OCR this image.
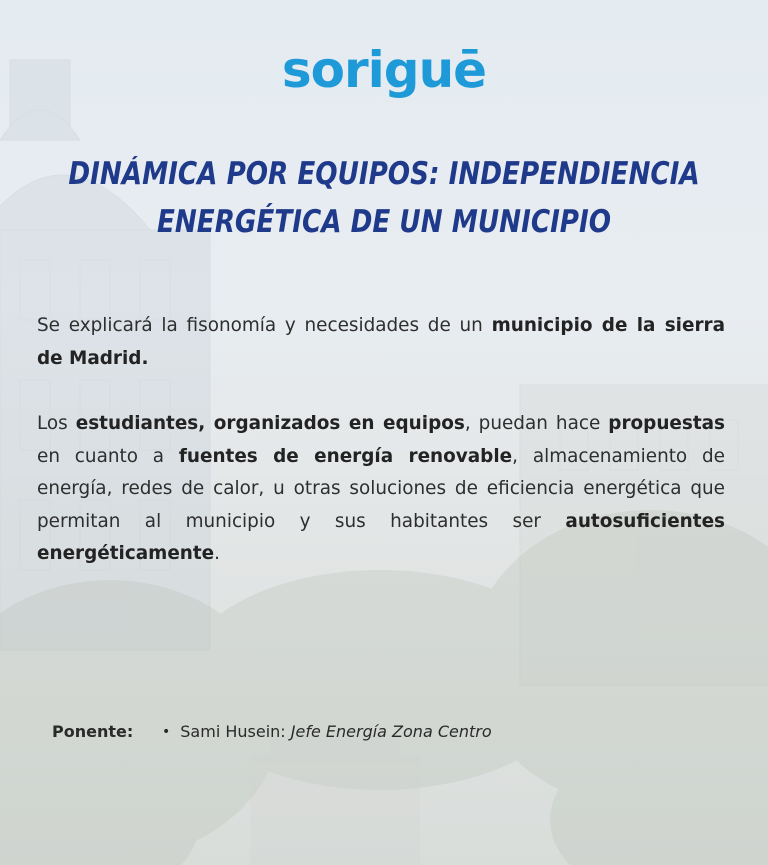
soriguē
DINÁMICA POR EQUIPOS: INDEPENDIENCIA
ENERGÉTICA DE UN MUNICIPIO
Se explicará la fisonomía y necesidades de un municipio de la sierra de Madrid.
Los estudiantes, organizados en equipos, puedan hace propuestas en cuanto a fuentes de energía renovable, almacenamiento de energía, redes de calor, u otras soluciones de eficiencia energética que permitan al municipio y sus habitantes ser autosuficientes energéticamente.
Ponente:	• Sami Husein:
Jefe Energía Zona Centro
